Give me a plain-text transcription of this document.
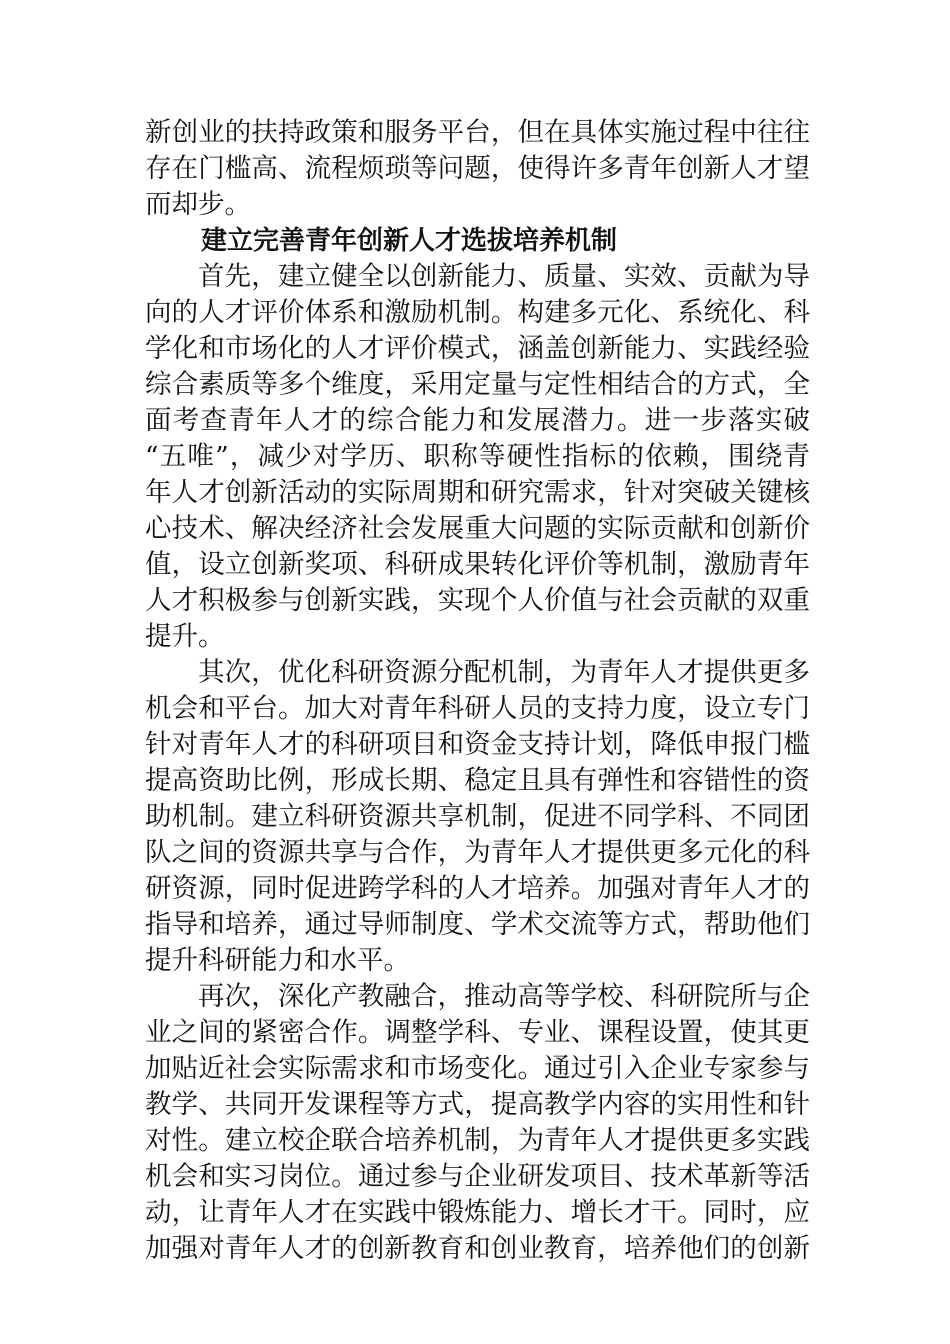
新创业的扶持政策和服务平台，但在具体实施过程中往往
存在门槛高、流程烦琐等问题，使得许多青年创新人才望
而却步。
建立完善青年创新人才选拔培养机制
首先，建立健全以创新能力、质量、实效、贡献为导
向的人才评价体系和激励机制。构建多元化、系统化、科
学化和市场化的人才评价模式，涵盖创新能力、实践经验
综合素质等多个维度，采用定量与定性相结合的方式，全
面考查青年人才的综合能力和发展潜力。进一步落实破
“五唯”，减少对学历、职称等硬性指标的依赖，围绕青
年人才创新活动的实际周期和研究需求，针对突破关键核
心技术、解决经济社会发展重大问题的实际贡献和创新价
值，设立创新奖项、科研成果转化评价等机制，激励青年
人才积极参与创新实践，实现个人价值与社会贡献的双重
提升。
其次，优化科研资源分配机制，为青年人才提供更多
机会和平台。加大对青年科研人员的支持力度，设立专门
针对青年人才的科研项目和资金支持计划，降低申报门槛
提高资助比例，形成长期、稳定且具有弹性和容错性的资
助机制。建立科研资源共享机制，促进不同学科、不同团
队之间的资源共享与合作，为青年人才提供更多元化的科
研资源，同时促进跨学科的人才培养。加强对青年人才的
指导和培养，通过导师制度、学术交流等方式，帮助他们
提升科研能力和水平。
再次，深化产教融合，推动高等学校、科研院所与企
业之间的紧密合作。调整学科、专业、课程设置，使其更
加贴近社会实际需求和市场变化。通过引入企业专家参与
教学、共同开发课程等方式，提高教学内容的实用性和针
对性。建立校企联合培养机制，为青年人才提供更多实践
机会和实习岗位。通过参与企业研发项目、技术革新等活
动，让青年人才在实践中锻炼能力、增长才干。同时，应
加强对青年人才的创新教育和创业教育，培养他们的创新
